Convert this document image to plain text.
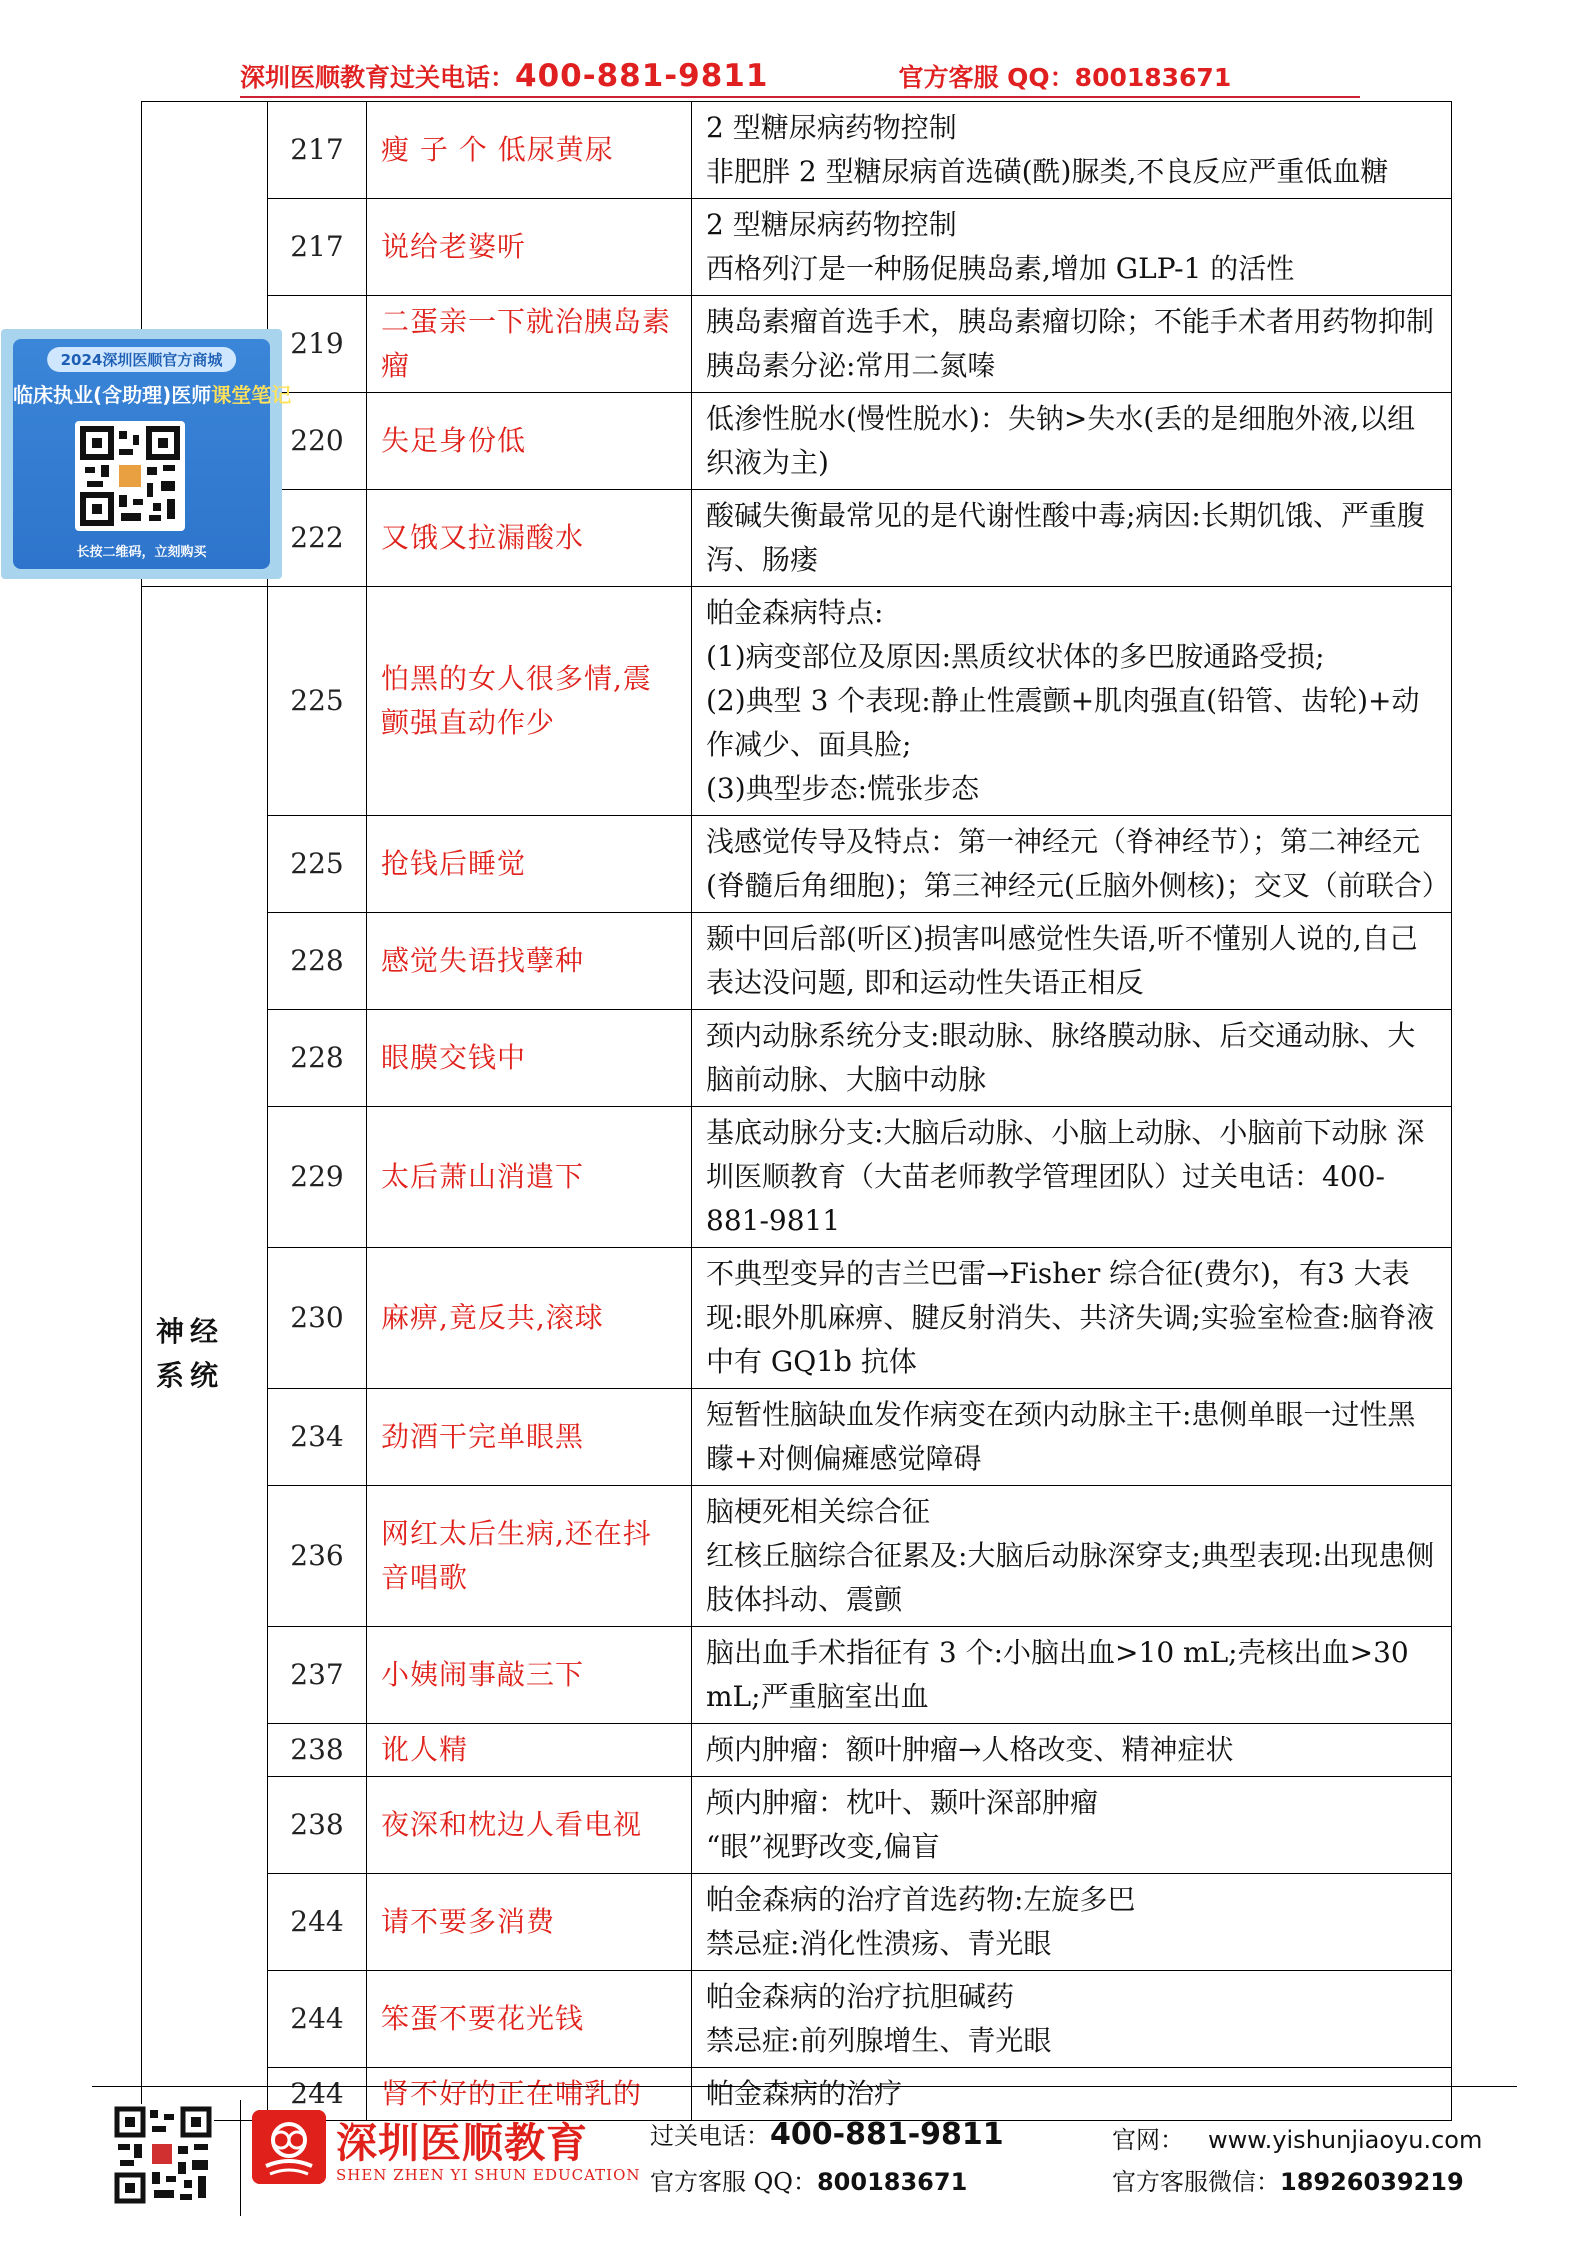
深圳医顺教育过关电话：400-881-9811	官方客服 QQ：800183671
	217	瘦 子 个 低尿黄尿	2 型糖尿病药物控制
非肥胖 2 型糖尿病首选磺(酰)脲类,不良反应严重低血糖
	217	说给老婆听	2 型糖尿病药物控制
西格列汀是一种肠促胰岛素,增加 GLP-1 的活性
	219	二蛋亲一下就治胰岛素瘤	胰岛素瘤首选手术，胰岛素瘤切除；不能手术者用药物抑制胰岛素分泌:常用二氮嗪
	220	失足身份低	低渗性脱水(慢性脱水)：失钠>失水(丢的是细胞外液,以组织液为主)
	222	又饿又拉漏酸水	酸碱失衡最常见的是代谢性酸中毒;病因:长期饥饿、严重腹泻、肠瘘
神经系统	225	怕黑的女人很多情,震颤强直动作少	帕金森病特点:
(1)病变部位及原因:黑质纹状体的多巴胺通路受损;
(2)典型 3 个表现:静止性震颤+肌肉强直(铅管、齿轮)+动作减少、面具脸;
(3)典型步态:慌张步态
	225	抢钱后睡觉	浅感觉传导及特点：第一神经元（脊神经节）；第二神经元(脊髓后角细胞)；第三神经元(丘脑外侧核)；交叉（前联合）
	228	感觉失语找孽种	颞中回后部(听区)损害叫感觉性失语,听不懂别人说的,自己表达没问题, 即和运动性失语正相反
	228	眼膜交钱中	颈内动脉系统分支:眼动脉、脉络膜动脉、后交通动脉、大脑前动脉、大脑中动脉
	229	太后萧山消遣下	基底动脉分支:大脑后动脉、小脑上动脉、小脑前下动脉 深圳医顺教育（大苗老师教学管理团队）过关电话：400-881-9811
	230	麻痹,竟反共,滚球	不典型变异的吉兰巴雷→Fisher 综合征(费尔)，有3 大表现:眼外肌麻痹、腱反射消失、共济失调;实验室检查:脑脊液中有 GQ1b 抗体
	234	劲酒干完单眼黑	短暂性脑缺血发作病变在颈内动脉主干:患侧单眼一过性黑矇+对侧偏瘫感觉障碍
	236	网红太后生病,还在抖音唱歌	脑梗死相关综合征
红核丘脑综合征累及:大脑后动脉深穿支;典型表现:出现患侧肢体抖动、震颤
	237	小姨闹事敲三下	脑出血手术指征有 3 个:小脑出血>10 mL;壳核出血>30 mL;严重脑室出血
	238	讹人精	颅内肿瘤：额叶肿瘤→人格改变、精神症状
	238	夜深和枕边人看电视	颅内肿瘤：枕叶、颞叶深部肿瘤
“眼”视野改变,偏盲
	244	请不要多消费	帕金森病的治疗首选药物:左旋多巴
禁忌症:消化性溃疡、青光眼
	244	笨蛋不要花光钱	帕金森病的治疗抗胆碱药
禁忌症:前列腺增生、青光眼
	244	肾不好的正在哺乳的	帕金森病的治疗
2024深圳医顺官方商城
临床执业(含助理)医师课堂笔记
长按二维码，立刻购买
深圳医顺教育
SHEN ZHEN YI SHUN EDUCATION
过关电话：400-881-9811
官方客服 QQ：800183671
官网： www.yishunjiaoyu.com
官方客服微信：18926039219
